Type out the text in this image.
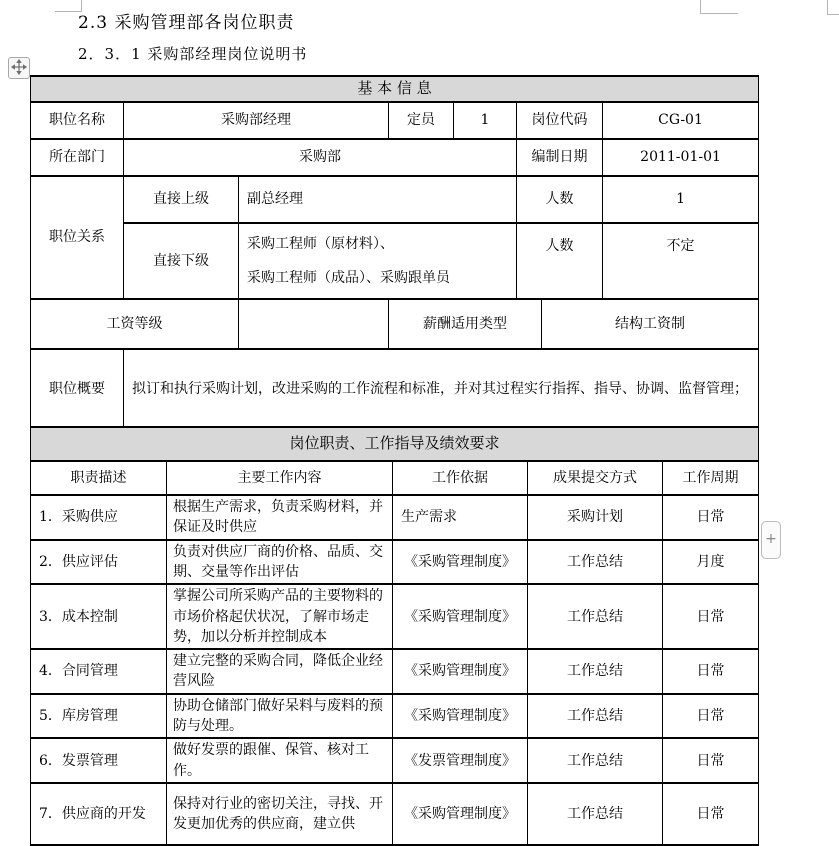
2.3 采购管理部各岗位职责
2．3．1 采购部经理岗位说明书
+
基 本 信 息							
职位名称	采购部经理		定员	1	岗位代码		CG-01
所在部门	采购部				编制日期		2011-01-01
职位关系	直接上级	副总经理			人数		1
	直接下级	采购工程师（原材料）、
采购工程师（成品）、采购跟单员			人数		不定
工资等级			薪酬适用类型			结构工资制	
职位概要	拟订和执行采购计划，改进采购的工作流程和标准，并对其过程实行指挥、指导、协调、监督管理；						
岗位职责、工作指导及绩效要求				
职责描述	主要工作内容	工作依据	成果提交方式	工作周期
1．采购供应	根据生产需求，负责采购材料，并保证及时供应	生产需求	采购计划	日常
2．供应评估	负责对供应厂商的价格、品质、交期、交量等作出评估	《采购管理制度》	工作总结	月度
3．成本控制	掌握公司所采购产品的主要物料的市场价格起伏状况，了解市场走势，加以分析并控制成本	《采购管理制度》	工作总结	日常
4．合同管理	建立完整的采购合同，降低企业经营风险	《采购管理制度》	工作总结	日常
5．库房管理	协助仓储部门做好呆料与废料的预防与处理。	《采购管理制度》	工作总结	日常
6．发票管理	做好发票的跟催、保管、核对工作。	《发票管理制度》	工作总结	日常
7．供应商的开发	保持对行业的密切关注，寻找、开发更加优秀的供应商，建立供	《采购管理制度》	工作总结	日常
